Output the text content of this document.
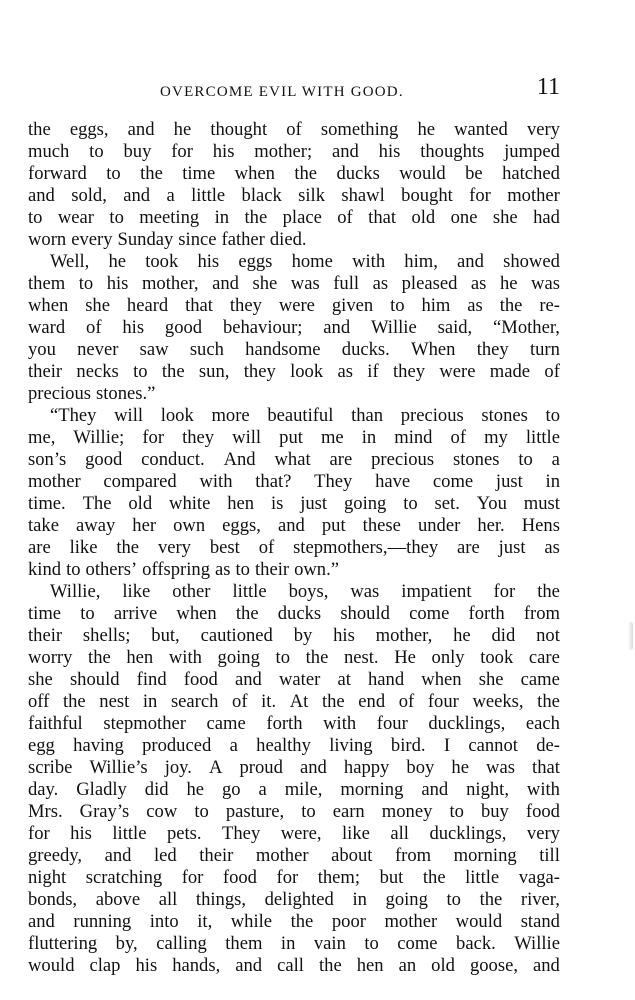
OVERCOME EVIL WITH GOOD.	11
the eggs, and he thought of something he wanted very
much to buy for his mother; and his thoughts jumped
forward to the time when the ducks would be hatched
and sold, and a little black silk shawl bought for mother
to wear to meeting in the place of that old one she had
worn every Sunday since father died.
Well, he took his eggs home with him, and showed
them to his mother, and she was full as pleased as he was
when she heard that they were given to him as the re-
ward of his good behaviour; and Willie said, “Mother,
you never saw such handsome ducks. When they turn
their necks to the sun, they look as if they were made of
precious stones.”
“They will look more beautiful than precious stones to
me, Willie; for they will put me in mind of my little
son’s good conduct. And what are precious stones to a
mother compared with that? They have come just in
time. The old white hen is just going to set. You must
take away her own eggs, and put these under her. Hens
are like the very best of stepmothers,—they are just as
kind to others’ offspring as to their own.”
Willie, like other little boys, was impatient for the
time to arrive when the ducks should come forth from
their shells; but, cautioned by his mother, he did not
worry the hen with going to the nest. He only took care
she should find food and water at hand when she came
off the nest in search of it. At the end of four weeks, the
faithful stepmother came forth with four ducklings, each
egg having produced a healthy living bird. I cannot de-
scribe Willie’s joy. A proud and happy boy he was that
day. Gladly did he go a mile, morning and night, with
Mrs. Gray’s cow to pasture, to earn money to buy food
for his little pets. They were, like all ducklings, very
greedy, and led their mother about from morning till
night scratching for food for them; but the little vaga-
bonds, above all things, delighted in going to the river,
and running into it, while the poor mother would stand
fluttering by, calling them in vain to come back. Willie
would clap his hands, and call the hen an old goose, and
